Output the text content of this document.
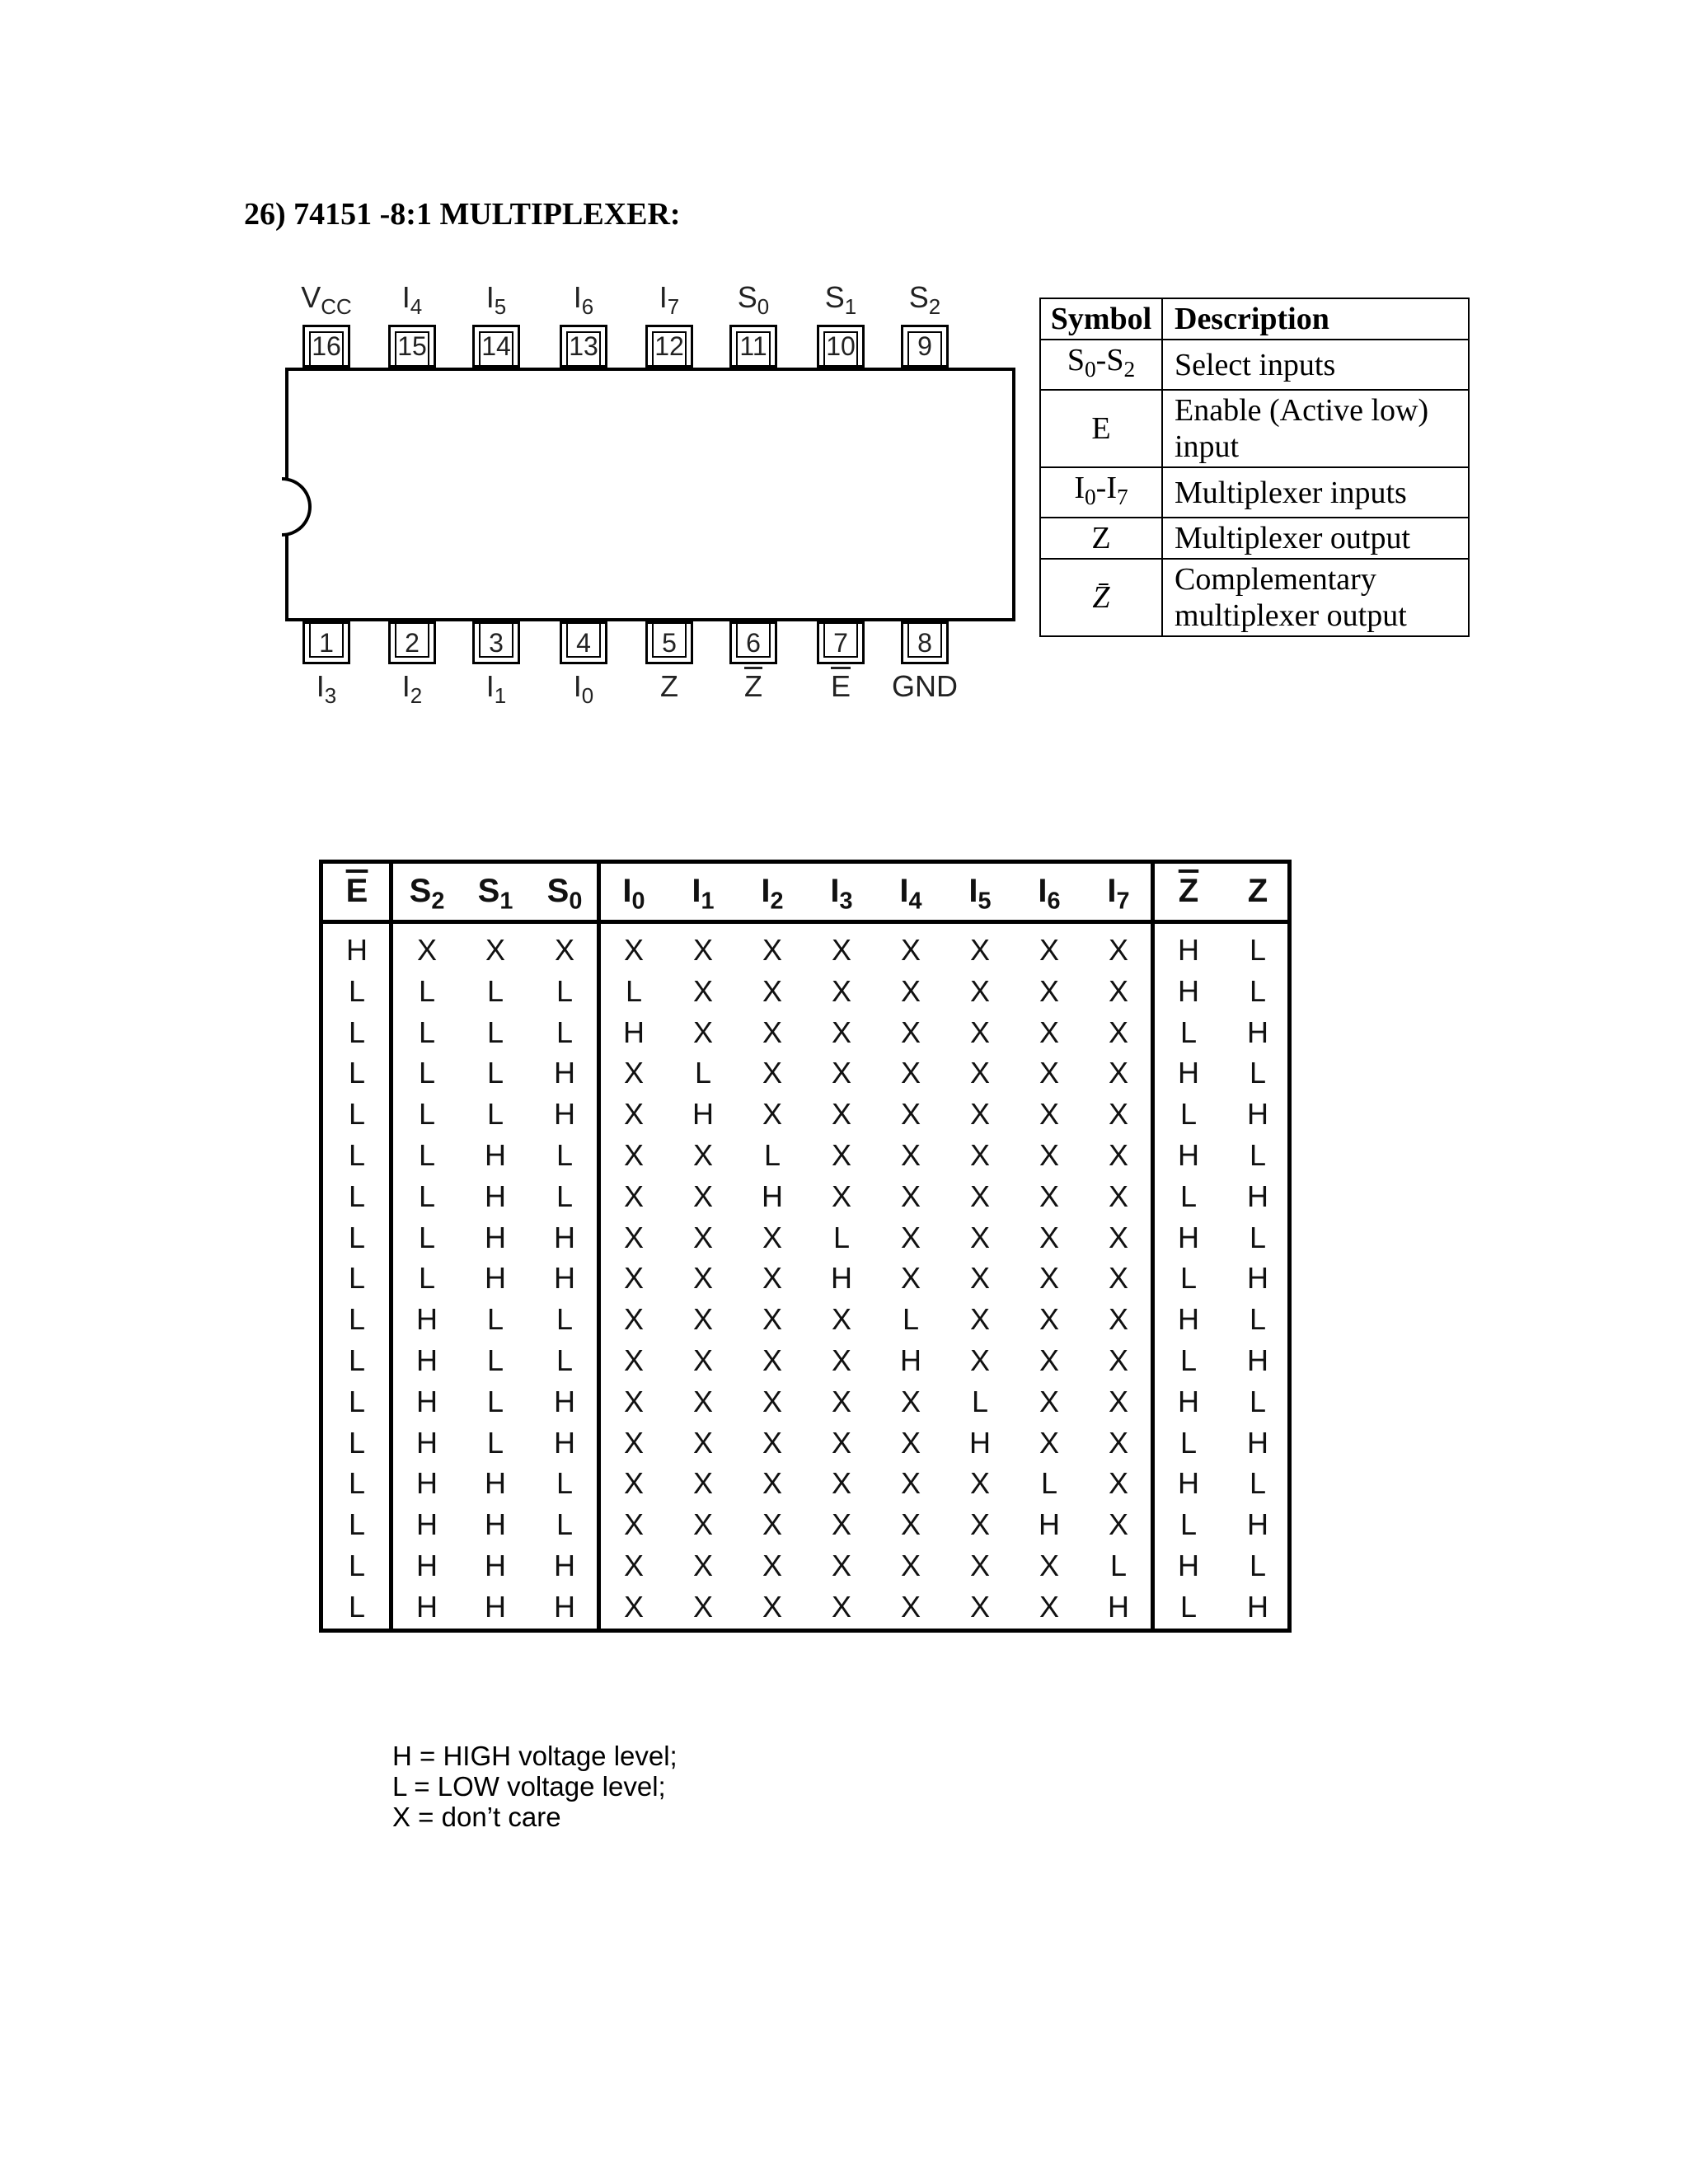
26) 74151 -8:1 MULTIPLEXER:
16
$V_{CC}$
15
$I_4$
14
$I_5$
13
$I_6$
12
$I_7$
11
$S_0$
10
$S_1$
9
$S_2$
1
$I_3$
2
$I_2$
3
$I_1$
4
$I_0$
5
Z
6
$\overline{Z}$
7
$\overline{E}$
8
GND
Symbol	Description
$S_0-S_2$	Select inputs
E	Enable (Active low) input
$I_0-I_7$	Multiplexer inputs
Z	Multiplexer output
Z̄	Complementary multiplexer output
$\overline{E}$	$S_2$	$S_1$	$S_0$	$I_0$	$I_1$	$I_2$	$I_3$	$I_4$	$I_5$	$I_6$	$I_7$	$\overline{Z}$	Z
H	X	X	X	X	X	X	X	X	X	X	X	H	L
L	L	L	L	L	X	X	X	X	X	X	X	H	L
L	L	L	L	H	X	X	X	X	X	X	X	L	H
L	L	L	H	X	L	X	X	X	X	X	X	H	L
L	L	L	H	X	H	X	X	X	X	X	X	L	H
L	L	H	L	X	X	L	X	X	X	X	X	H	L
L	L	H	L	X	X	H	X	X	X	X	X	L	H
L	L	H	H	X	X	X	L	X	X	X	X	H	L
L	L	H	H	X	X	X	H	X	X	X	X	L	H
L	H	L	L	X	X	X	X	L	X	X	X	H	L
L	H	L	L	X	X	X	X	H	X	X	X	L	H
L	H	L	H	X	X	X	X	X	L	X	X	H	L
L	H	L	H	X	X	X	X	X	H	X	X	L	H
L	H	H	L	X	X	X	X	X	X	L	X	H	L
L	H	H	L	X	X	X	X	X	X	H	X	L	H
L	H	H	H	X	X	X	X	X	X	X	L	H	L
L	H	H	H	X	X	X	X	X	X	X	H	L	H
H = HIGH voltage level;
L = LOW voltage level;
X = don’t care
